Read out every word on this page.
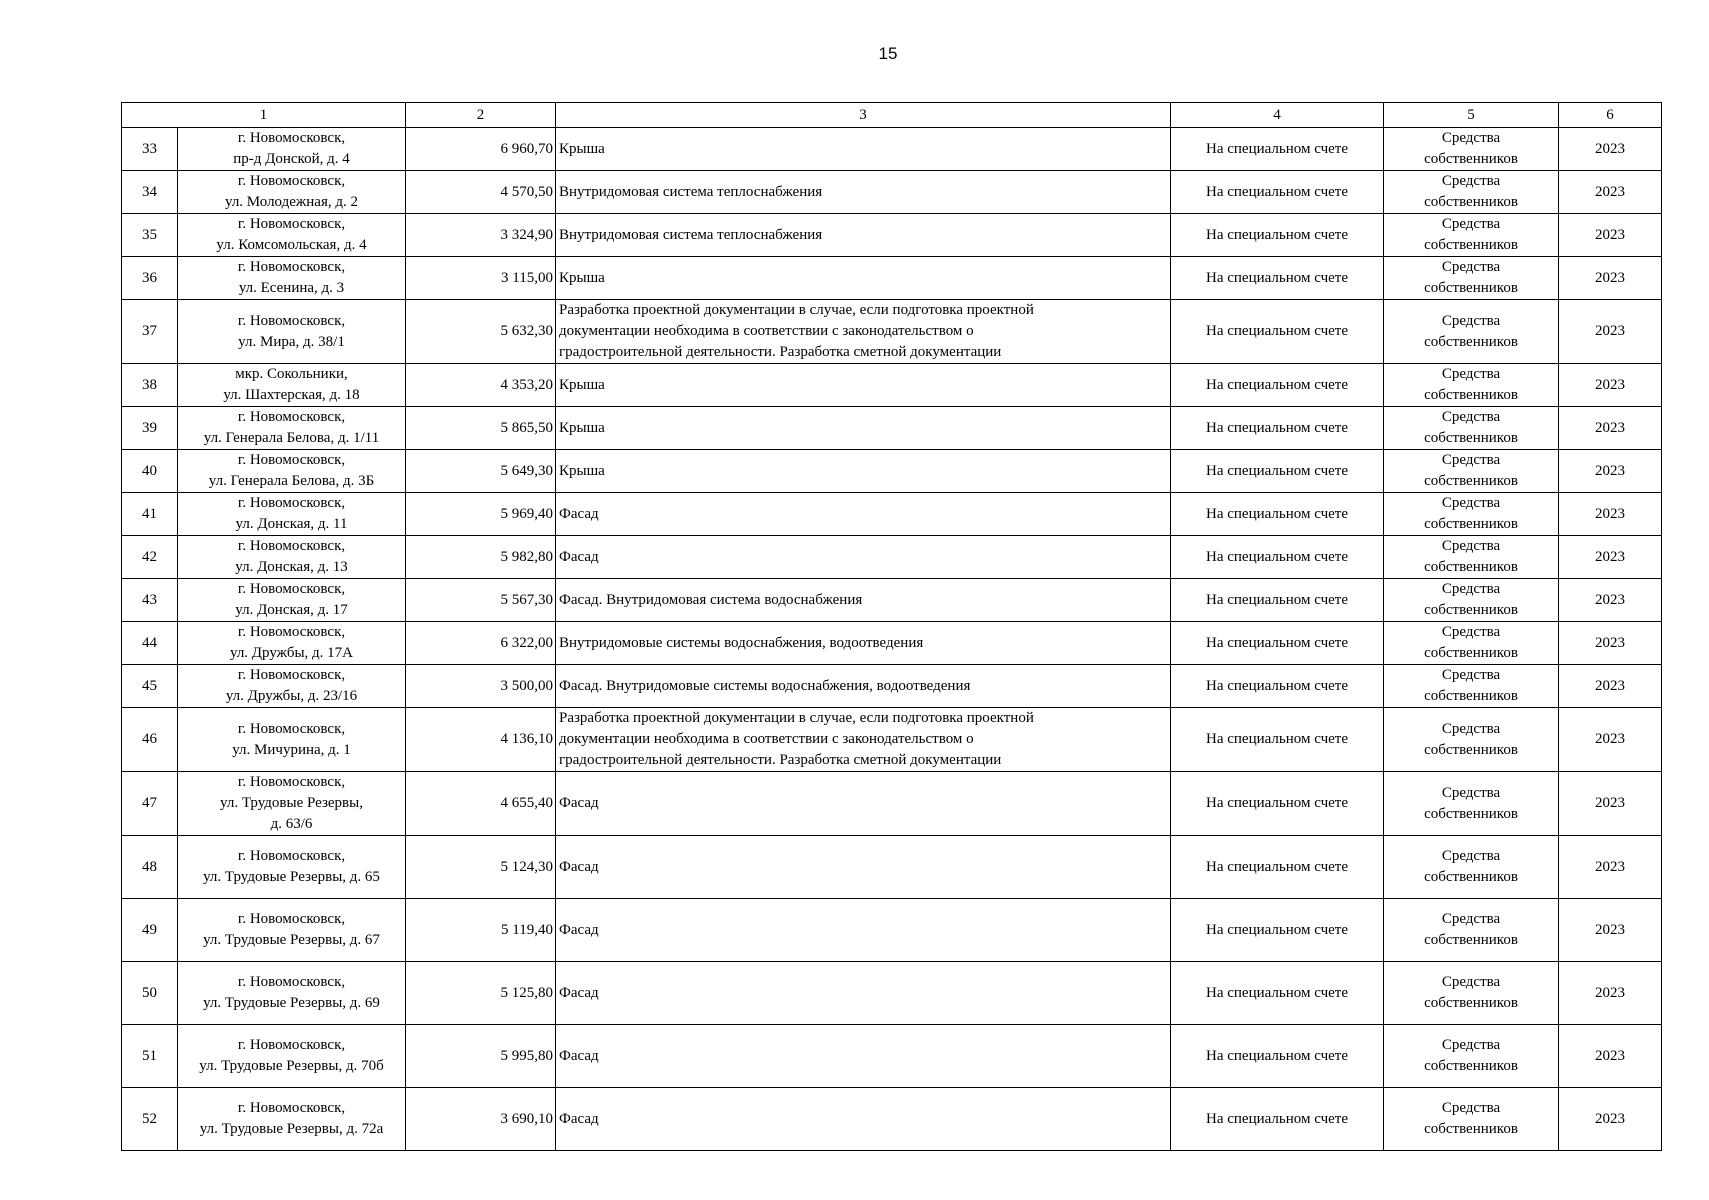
15
1		2	3	4	5	6
33	г. Новомосковск,
пр-д Донской, д. 4	6 960,70	Крыша	На специальном счете	Средства
собственников	2023
34	г. Новомосковск,
ул. Молодежная, д. 2	4 570,50	Внутридомовая система теплоснабжения	На специальном счете	Средства
собственников	2023
35	г. Новомосковск,
ул. Комсомольская, д. 4	3 324,90	Внутридомовая система теплоснабжения	На специальном счете	Средства
собственников	2023
36	г. Новомосковск,
ул. Есенина, д. 3	3 115,00	Крыша	На специальном счете	Средства
собственников	2023
37	г. Новомосковск,
ул. Мира, д. 38/1	5 632,30	Разработка проектной документации в случае, если подготовка проектной
документации необходима в соответствии с законодательством о
градостроительной деятельности. Разработка сметной документации	На специальном счете	Средства
собственников	2023
38	мкр. Сокольники,
ул. Шахтерская, д. 18	4 353,20	Крыша	На специальном счете	Средства
собственников	2023
39	г. Новомосковск,
ул. Генерала Белова, д. 1/11	5 865,50	Крыша	На специальном счете	Средства
собственников	2023
40	г. Новомосковск,
ул. Генерала Белова, д. 3Б	5 649,30	Крыша	На специальном счете	Средства
собственников	2023
41	г. Новомосковск,
ул. Донская, д. 11	5 969,40	Фасад	На специальном счете	Средства
собственников	2023
42	г. Новомосковск,
ул. Донская, д. 13	5 982,80	Фасад	На специальном счете	Средства
собственников	2023
43	г. Новомосковск,
ул. Донская, д. 17	5 567,30	Фасад. Внутридомовая система водоснабжения	На специальном счете	Средства
собственников	2023
44	г. Новомосковск,
ул. Дружбы, д. 17А	6 322,00	Внутридомовые системы водоснабжения, водоотведения	На специальном счете	Средства
собственников	2023
45	г. Новомосковск,
ул. Дружбы, д. 23/16	3 500,00	Фасад. Внутридомовые системы водоснабжения, водоотведения	На специальном счете	Средства
собственников	2023
46	г. Новомосковск,
ул. Мичурина, д. 1	4 136,10	Разработка проектной документации в случае, если подготовка проектной
документации необходима в соответствии с законодательством о
градостроительной деятельности. Разработка сметной документации	На специальном счете	Средства
собственников	2023
47	г. Новомосковск,
ул. Трудовые Резервы,
д. 63/6	4 655,40	Фасад	На специальном счете	Средства
собственников	2023
48	г. Новомосковск,
ул. Трудовые Резервы, д. 65	5 124,30	Фасад	На специальном счете	Средства
собственников	2023
49	г. Новомосковск,
ул. Трудовые Резервы, д. 67	5 119,40	Фасад	На специальном счете	Средства
собственников	2023
50	г. Новомосковск,
ул. Трудовые Резервы, д. 69	5 125,80	Фасад	На специальном счете	Средства
собственников	2023
51	г. Новомосковск,
ул. Трудовые Резервы, д. 70б	5 995,80	Фасад	На специальном счете	Средства
собственников	2023
52	г. Новомосковск,
ул. Трудовые Резервы, д. 72а	3 690,10	Фасад	На специальном счете	Средства
собственников	2023
